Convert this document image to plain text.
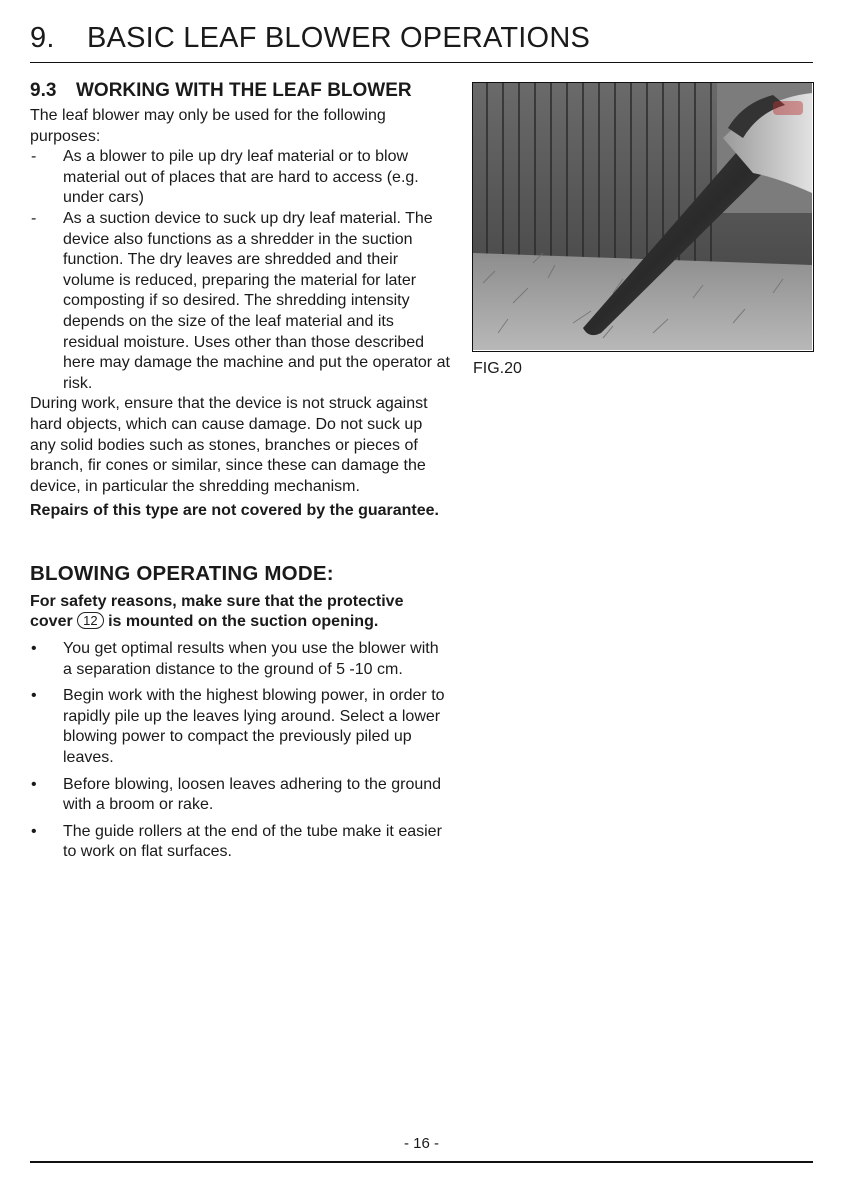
9. BASIC LEAF BLOWER OPERATIONS
9.3	WORKING WITH THE LEAF BLOWER

The leaf blower may only be used for the following purposes:

- As a blower to pile up dry leaf material or to blow material out of places that are hard to access (e.g. under cars)
- As a suction device to suck up dry leaf material. The device also functions as a shredder in the suction function. The dry leaves are shredded and their volume is reduced, preparing the material for later composting if so desired. The shredding intensity depends on the size of the leaf material and its residual moisture. Uses other than those described here may damage the machine and put the operator at risk.

During work, ensure that the device is not struck against hard objects, which can cause damage. Do not suck up any solid bodies such as stones, branches or pieces of branch, fir cones or similar, since these can damage the device, in particular the shredding mechanism.

Repairs of this type are not covered by the guarantee.

BLOWING OPERATING MODE:

For safety reasons, make sure that the protective cover 12 is mounted on the suction opening.

• You get optimal results when you use the blower with a separation distance to the ground of 5 -10 cm.
• Begin work with the highest blowing power, in order to rapidly pile up the leaves lying around. Select a lower blowing power to compact the previously piled up leaves.
• Before blowing, loosen leaves adhering to the ground with a broom or rake.
• The guide rollers at the end of the tube make it easier to work on flat surfaces.
FIG.20
- 16 -
